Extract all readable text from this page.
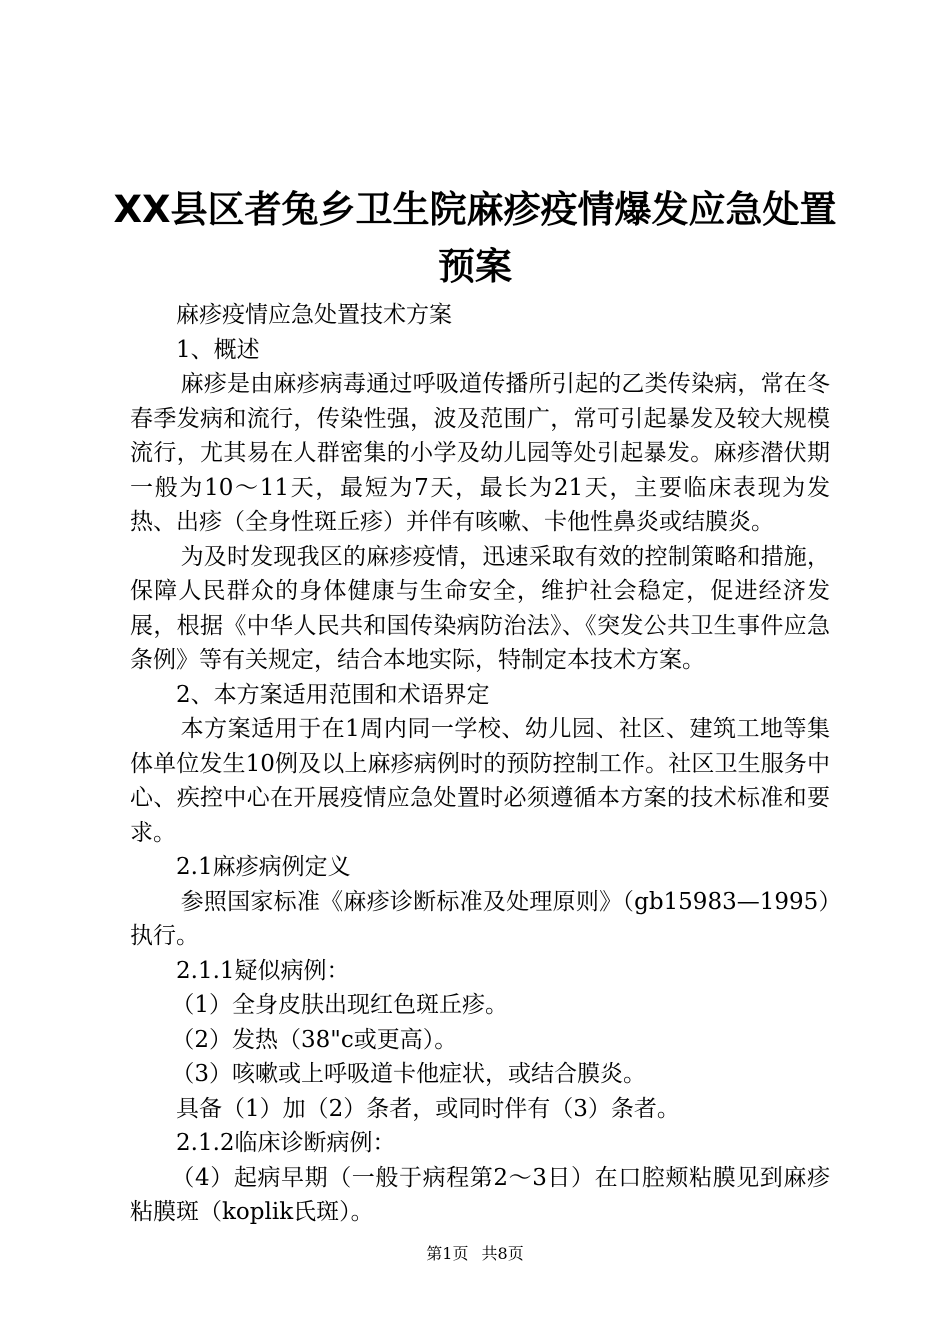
XX县区者兔乡卫生院麻疹疫情爆发应急处置
预案

麻疹疫情应急处置技术方案

1、概述

麻疹是由麻疹病毒通过呼吸道传播所引起的乙类传染病，常在冬春季发病和流行，传染性强，波及范围广，常可引起暴发及较大规模流行，尤其易在人群密集的小学及幼儿园等处引起暴发。麻疹潜伏期一般为10～11天，最短为7天，最长为21天，主要临床表现为发热、出疹（全身性斑丘疹）并伴有咳嗽、卡他性鼻炎或结膜炎。

为及时发现我区的麻疹疫情，迅速采取有效的控制策略和措施，保障人民群众的身体健康与生命安全，维护社会稳定，促进经济发展，根据《中华人民共和国传染病防治法》、《突发公共卫生事件应急条例》等有关规定，结合本地实际，特制定本技术方案。

2、本方案适用范围和术语界定

本方案适用于在1周内同一学校、幼儿园、社区、建筑工地等集体单位发生10例及以上麻疹病例时的预防控制工作。社区卫生服务中心、疾控中心在开展疫情应急处置时必须遵循本方案的技术标准和要求。

2.1麻疹病例定义

参照国家标准《麻疹诊断标准及处理原则》（gb15983—1995）执行。

2.1.1疑似病例：

（1）全身皮肤出现红色斑丘疹。

（2）发热（38"c或更高）。

（3）咳嗽或上呼吸道卡他症状，或结合膜炎。

具备（1）加（2）条者，或同时伴有（3）条者。

2.1.2临床诊断病例：

（4）起病早期（一般于病程第2～3日）在口腔颊粘膜见到麻疹粘膜斑（koplik氏斑）。

第1页 共8页
